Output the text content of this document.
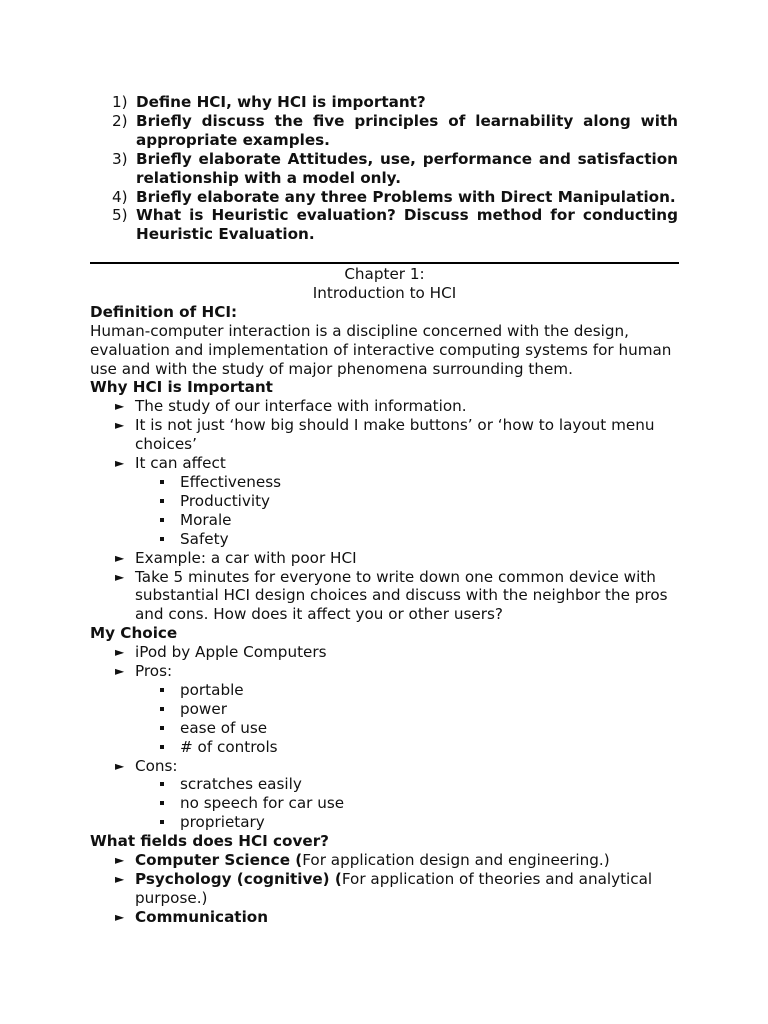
1) Define HCI, why HCI is important?
2) Briefly discuss the five principles of learnability along with appropriate examples.
3) Briefly elaborate Attitudes, use, performance and satisfaction relationship with a model only.
4) Briefly elaborate any three Problems with Direct Manipulation.
5) What is Heuristic evaluation? Discuss method for conducting Heuristic Evaluation.
Chapter 1:
Introduction to HCI
Definition of HCI:
Human-computer interaction is a discipline concerned with the design, evaluation and implementation of interactive computing systems for human use and with the study of major phenomena surrounding them.
Why HCI is Important
► The study of our interface with information.
► It is not just ‘how big should I make buttons’ or ‘how to layout menu choices’
► It can affect
Effectiveness
Productivity
Morale
Safety
► Example: a car with poor HCI
► Take 5 minutes for everyone to write down one common device with substantial HCI design choices and discuss with the neighbor the pros and cons. How does it affect you or other users?
My Choice
► iPod by Apple Computers
► Pros:
portable
power
ease of use
# of controls
► Cons:
scratches easily
no speech for car use
proprietary
What fields does HCI cover?
► Computer Science (For application design and engineering.)
► Psychology (cognitive) (For application of theories and analytical purpose.)
► Communication
